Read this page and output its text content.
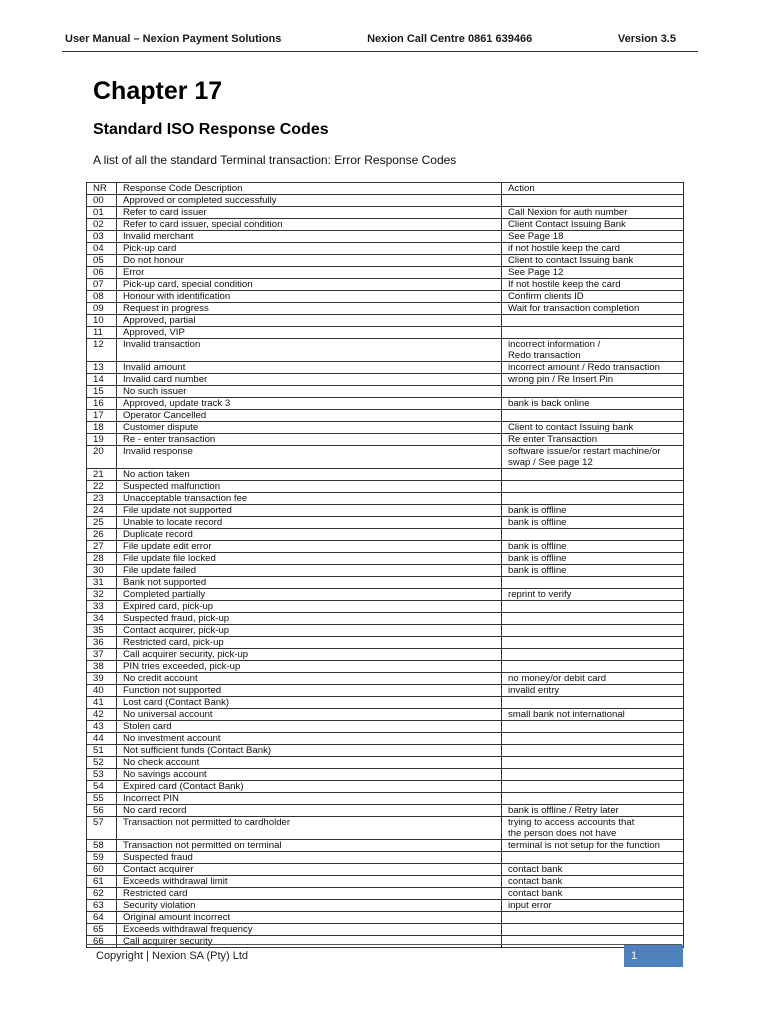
User Manual – Nexion Payment Solutions	Nexion Call Centre 0861 639466	Version 3.5
Chapter 17
Standard ISO Response Codes

A list of all the standard Terminal transaction: Error Response Codes

NR	Response Code Description	Action
00	Approved or completed successfully	
01	Refer to card issuer	Call Nexion for auth number
02	Refer to card issuer, special condition	Client Contact Issuing Bank
03	Invalid merchant	See Page 18
04	Pick-up card	if not hostile keep the card
05	Do not honour	Client to contact Issuing bank
06	Error	See Page 12
07	Pick-up card, special condition	If not hostile keep the card
08	Honour with identification	Confirm clients ID
09	Request in progress	Wait for transaction completion
10	Approved, partial	
11	Approved, VIP	
12	Invalid transaction	incorrect information /
Redo transaction
13	Invalid amount	incorrect amount / Redo transaction
14	Invalid card number	wrong pin / Re Insert Pin
15	No such issuer	
16	Approved, update track 3	bank is back online
17	Operator Cancelled	
18	Customer dispute	Client to contact Issuing bank
19	Re - enter transaction	Re enter Transaction
20	Invalid response	software issue/or restart machine/or
swap / See page 12
21	No action taken	
22	Suspected malfunction	
23	Unacceptable transaction fee	
24	File update not supported	bank is offline
25	Unable to locate record	bank is offline
26	Duplicate record	
27	File update edit error	bank is offline
28	File update file locked	bank is offline
30	File update failed	bank is offline
31	Bank not supported	
32	Completed partially	reprint to verify
33	Expired card, pick-up	
34	Suspected fraud, pick-up	
35	Contact acquirer, pick-up	
36	Restricted card, pick-up	
37	Call acquirer security, pick-up	
38	PIN tries exceeded, pick-up	
39	No credit account	no money/or debit card
40	Function not supported	invalid entry
41	Lost card (Contact Bank)	
42	No universal account	small bank not international
43	Stolen card	
44	No investment account	
51	Not sufficient funds (Contact Bank)	
52	No check account	
53	No savings account	
54	Expired card (Contact Bank)	
55	Incorrect PIN	
56	No card record	bank is offline / Retry later
57	Transaction not permitted to cardholder	trying to access accounts that
the person does not have
58	Transaction not permitted on terminal	terminal is not setup for the function
59	Suspected fraud	
60	Contact acquirer	contact bank
61	Exceeds withdrawal limit	contact bank
62	Restricted card	contact bank
63	Security violation	input error
64	Original amount incorrect	
65	Exceeds withdrawal frequency	
66	Call acquirer security	
Copyright | Nexion SA (Pty) Ltd	1
